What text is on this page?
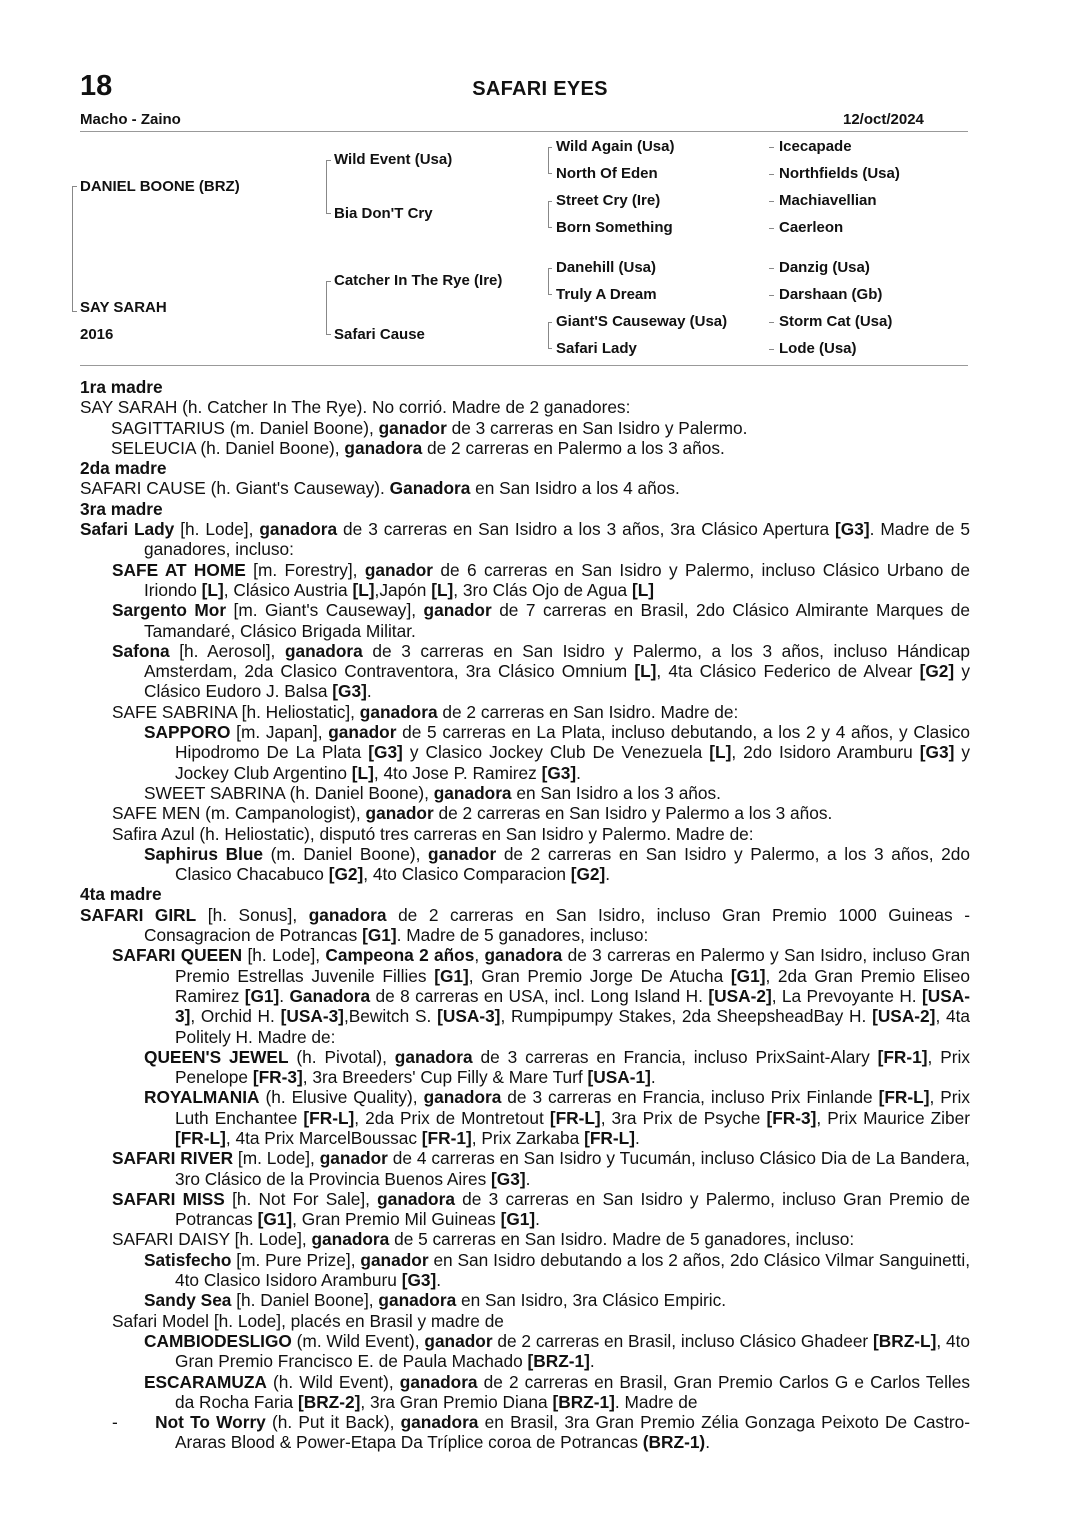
18	SAFARI EYES
Macho - Zaino	12/oct/2024
DANIEL BOONE (BRZ)
SAY SARAH
2016
Wild Event (Usa)
Bia Don'T Cry
Catcher In The Rye (Ire)
Safari Cause
Wild Again (Usa)
North Of Eden
Street Cry (Ire)
Born Something
Danehill (Usa)
Truly A Dream
Giant'S Causeway (Usa)
Safari Lady
Icecapade
Northfields (Usa)
Machiavellian
Caerleon
Danzig (Usa)
Darshaan (Gb)
Storm Cat (Usa)
Lode (Usa)

1ra madre

SAY SARAH (h. Catcher In The Rye). No corrió. Madre de 2 ganadores:

SAGITTARIUS (m. Daniel Boone), ganador de 3 carreras en San Isidro y Palermo.

SELEUCIA (h. Daniel Boone), ganadora de 2 carreras en Palermo a los 3 años.

2da madre

SAFARI CAUSE (h. Giant's Causeway). Ganadora en San Isidro a los 4 años.

3ra madre

Safari Lady [h. Lode], ganadora de 3 carreras en San Isidro a los 3 años, 3ra Clásico Apertura [G3]. Madre de 5 ganadores, incluso:

SAFE AT HOME [m. Forestry], ganador de 6 carreras en San Isidro y Palermo, incluso Clásico Urbano de Iriondo [L], Clásico Austria [L],Japón [L], 3ro Clás Ojo de Agua [L]

Sargento Mor [m. Giant's Causeway], ganador de 7 carreras en Brasil, 2do Clásico Almirante Marques de Tamandaré, Clásico Brigada Militar.

Safona [h. Aerosol], ganadora de 3 carreras en San Isidro y Palermo, a los 3 años, incluso Hándicap Amsterdam, 2da Clasico Contraventora, 3ra Clásico Omnium [L], 4ta Clásico Federico de Alvear [G2] y Clásico Eudoro J. Balsa [G3].

SAFE SABRINA [h. Heliostatic], ganadora de 2 carreras en San Isidro. Madre de:

SAPPORO [m. Japan], ganador de 5 carreras en La Plata, incluso debutando, a los 2 y 4 años, y Clasico Hipodromo De La Plata [G3] y Clasico Jockey Club De Venezuela [L], 2do Isidoro Aramburu [G3] y Jockey Club Argentino [L], 4to Jose P. Ramirez [G3].

SWEET SABRINA (h. Daniel Boone), ganadora en San Isidro a los 3 años.

SAFE MEN (m. Campanologist), ganador de 2 carreras en San Isidro y Palermo a los 3 años.

Safira Azul (h. Heliostatic), disputó tres carreras en San Isidro y Palermo. Madre de:

Saphirus Blue (m. Daniel Boone), ganador de 2 carreras en San Isidro y Palermo, a los 3 años, 2do Clasico Chacabuco [G2], 4to Clasico Comparacion [G2].

4ta madre

SAFARI GIRL [h. Sonus], ganadora de 2 carreras en San Isidro, incluso Gran Premio 1000 Guineas - Consagracion de Potrancas [G1]. Madre de 5 ganadores, incluso:

SAFARI QUEEN [h. Lode], Campeona 2 años, ganadora de 3 carreras en Palermo y San Isidro, incluso Gran Premio Estrellas Juvenile Fillies [G1], Gran Premio Jorge De Atucha [G1], 2da Gran Premio Eliseo Ramirez [G1]. Ganadora de 8 carreras en USA, incl. Long Island H. [USA-2], La Prevoyante H. [USA-3], Orchid H. [USA-3],Bewitch S. [USA-3], Rumpipumpy Stakes, 2da SheepsheadBay H. [USA-2], 4ta Politely H. Madre de:

QUEEN'S JEWEL (h. Pivotal), ganadora de 3 carreras en Francia, incluso PrixSaint-Alary [FR-1], Prix Penelope [FR-3], 3ra Breeders' Cup Filly & Mare Turf [USA-1].

ROYALMANIA (h. Elusive Quality), ganadora de 3 carreras en Francia, incluso Prix Finlande [FR-L], Prix Luth Enchantee [FR-L], 2da Prix de Montretout [FR-L], 3ra Prix de Psyche [FR-3], Prix Maurice Ziber [FR-L], 4ta Prix MarcelBoussac [FR-1], Prix Zarkaba [FR-L].

SAFARI RIVER [m. Lode], ganador de 4 carreras en San Isidro y Tucumán, incluso Clásico Dia de La Bandera, 3ro Clásico de la Provincia Buenos Aires [G3].

SAFARI MISS [h. Not For Sale], ganadora de 3 carreras en San Isidro y Palermo, incluso Gran Premio de Potrancas [G1], Gran Premio Mil Guineas [G1].

SAFARI DAISY [h. Lode], ganadora de 5 carreras en San Isidro. Madre de 5 ganadores, incluso:

Satisfecho [m. Pure Prize], ganador en San Isidro debutando a los 2 años, 2do Clásico Vilmar Sanguinetti, 4to Clasico Isidoro Aramburu [G3].

Sandy Sea [h. Daniel Boone], ganadora en San Isidro, 3ra Clásico Empiric.

Safari Model [h. Lode], placés en Brasil y madre de

CAMBIODESLIGO (m. Wild Event), ganador de 2 carreras en Brasil, incluso Clásico Ghadeer [BRZ-L], 4to Gran Premio Francisco E. de Paula Machado [BRZ-1].

ESCARAMUZA (h. Wild Event), ganadora de 2 carreras en Brasil, Gran Premio Carlos G e Carlos Telles da Rocha Faria [BRZ-2], 3ra Gran Premio Diana [BRZ-1]. Madre de

-      Not To Worry (h. Put it Back), ganadora en Brasil, 3ra Gran Premio Zélia Gonzaga Peixoto De Castro-Araras Blood & Power-Etapa Da Tríplice coroa de Potrancas (BRZ-1).
